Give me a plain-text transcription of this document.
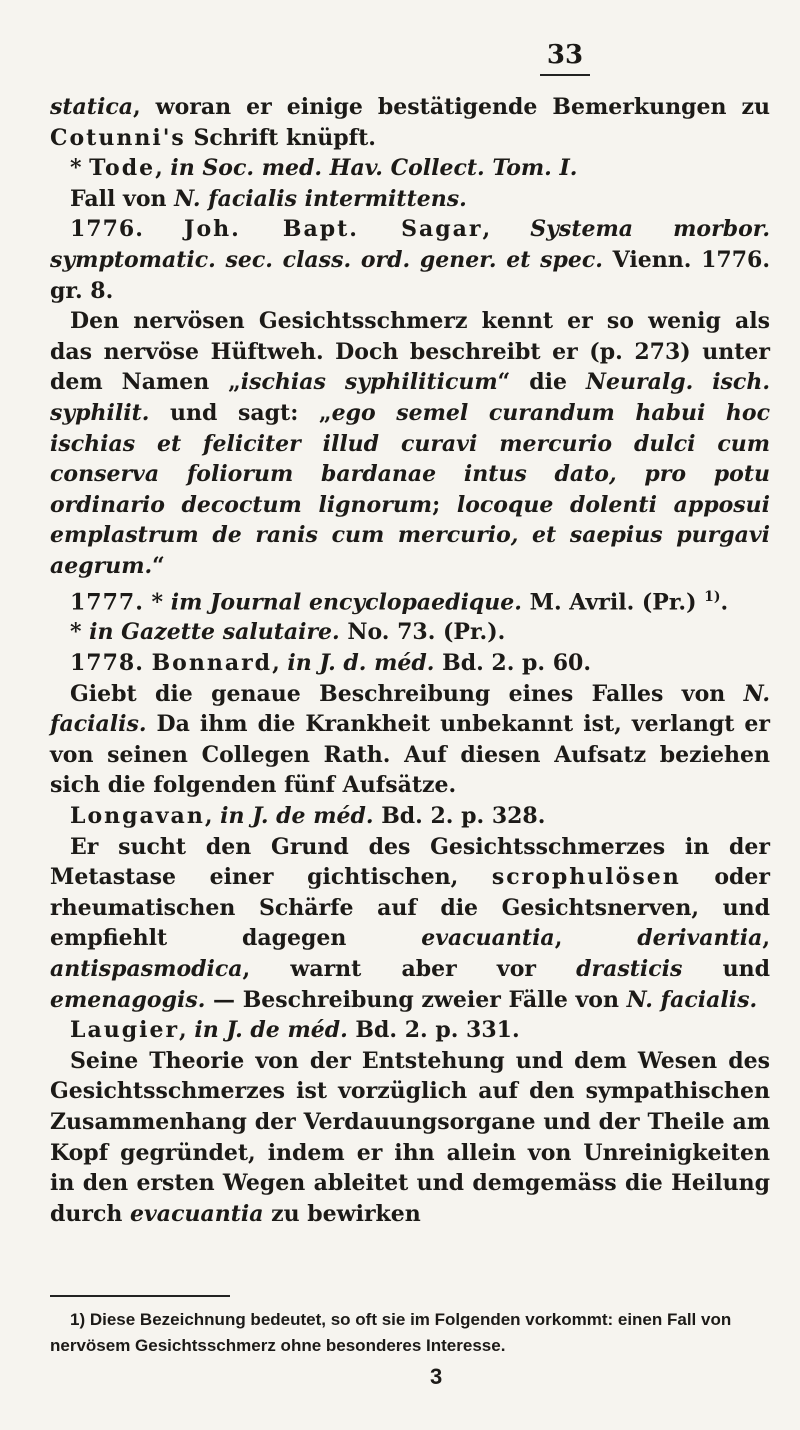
33

statica, woran er einige bestätigende Bemerkungen zu Cotunni's Schrift knüpft.

* Tode, in Soc. med. Hav. Collect. Tom. I.

Fall von N. facialis intermittens.

1776. Joh. Bapt. Sagar, Systema morbor. symptomatic. sec. class. ord. gener. et spec. Vienn. 1776. gr. 8.

Den nervösen Gesichtsschmerz kennt er so wenig als das nervöse Hüftweh. Doch beschreibt er (p. 273) unter dem Namen „ischias syphiliticum“ die Neuralg. isch. syphilit. und sagt: „ego semel curandum habui hoc ischias et feliciter illud curavi mercurio dulci cum conserva foliorum bardanae intus dato, pro potu ordinario decoctum lignorum; locoque dolenti apposui emplastrum de ranis cum mercurio, et saepius purgavi aegrum.“

1777. * im Journal encyclopaedique. M. Avril. (Pr.) $^{1)}$.

* in Gazette salutaire. No. 73. (Pr.).

1778. Bonnard, in J. d. méd. Bd. 2. p. 60.

Giebt die genaue Beschreibung eines Falles von N. facialis. Da ihm die Krankheit unbekannt ist, verlangt er von seinen Collegen Rath. Auf diesen Aufsatz beziehen sich die folgenden fünf Aufsätze.

Longavan, in J. de méd. Bd. 2. p. 328.

Er sucht den Grund des Gesichtsschmerzes in der Metastase einer gichtischen, scrophulösen oder rheumatischen Schärfe auf die Gesichtsnerven, und empfiehlt dagegen evacuantia, derivantia, antispasmodica, warnt aber vor drasticis und emenagogis. — Beschreibung zweier Fälle von N. facialis.

Laugier, in J. de méd. Bd. 2. p. 331.

Seine Theorie von der Entstehung und dem Wesen des Gesichtsschmerzes ist vorzüglich auf den sympathischen Zusammenhang der Verdauungsorgane und der Theile am Kopf gegründet, indem er ihn allein von Unreinigkeiten in den ersten Wegen ableitet und demgemäss die Heilung durch evacuantia zu bewirken

1) Diese Bezeichnung bedeutet, so oft sie im Folgenden vorkommt: einen Fall von nervösem Gesichtsschmerz ohne besonderes Interesse.

3
